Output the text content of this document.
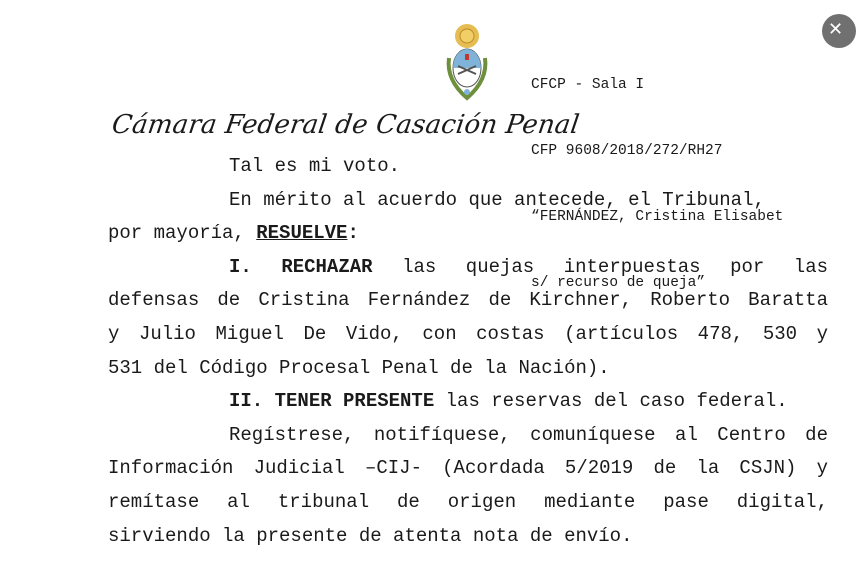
CFCP - Sala I

CFP 9608/2018/272/RH27

“FERNÁNDEZ, Cristina Elisabet

s/ recurso de queja”

Cámara Federal de Casación Penal
✕
Tal es mi voto.
En mérito al acuerdo que antecede, el Tribunal,
por mayoría, RESUELVE:
I. RECHAZAR las quejas interpuestas por las
defensas de Cristina Fernández de Kirchner, Roberto Baratta
y Julio Miguel De Vido, con costas (artículos 478, 530 y
531 del Código Procesal Penal de la Nación).
II. TENER PRESENTE las reservas del caso federal.
Regístrese, notifíquese, comuníquese al Centro de
Información Judicial –CIJ- (Acordada 5/2019 de la CSJN) y
remítase al tribunal de origen mediante pase digital,
sirviendo la presente de atenta nota de envío.
